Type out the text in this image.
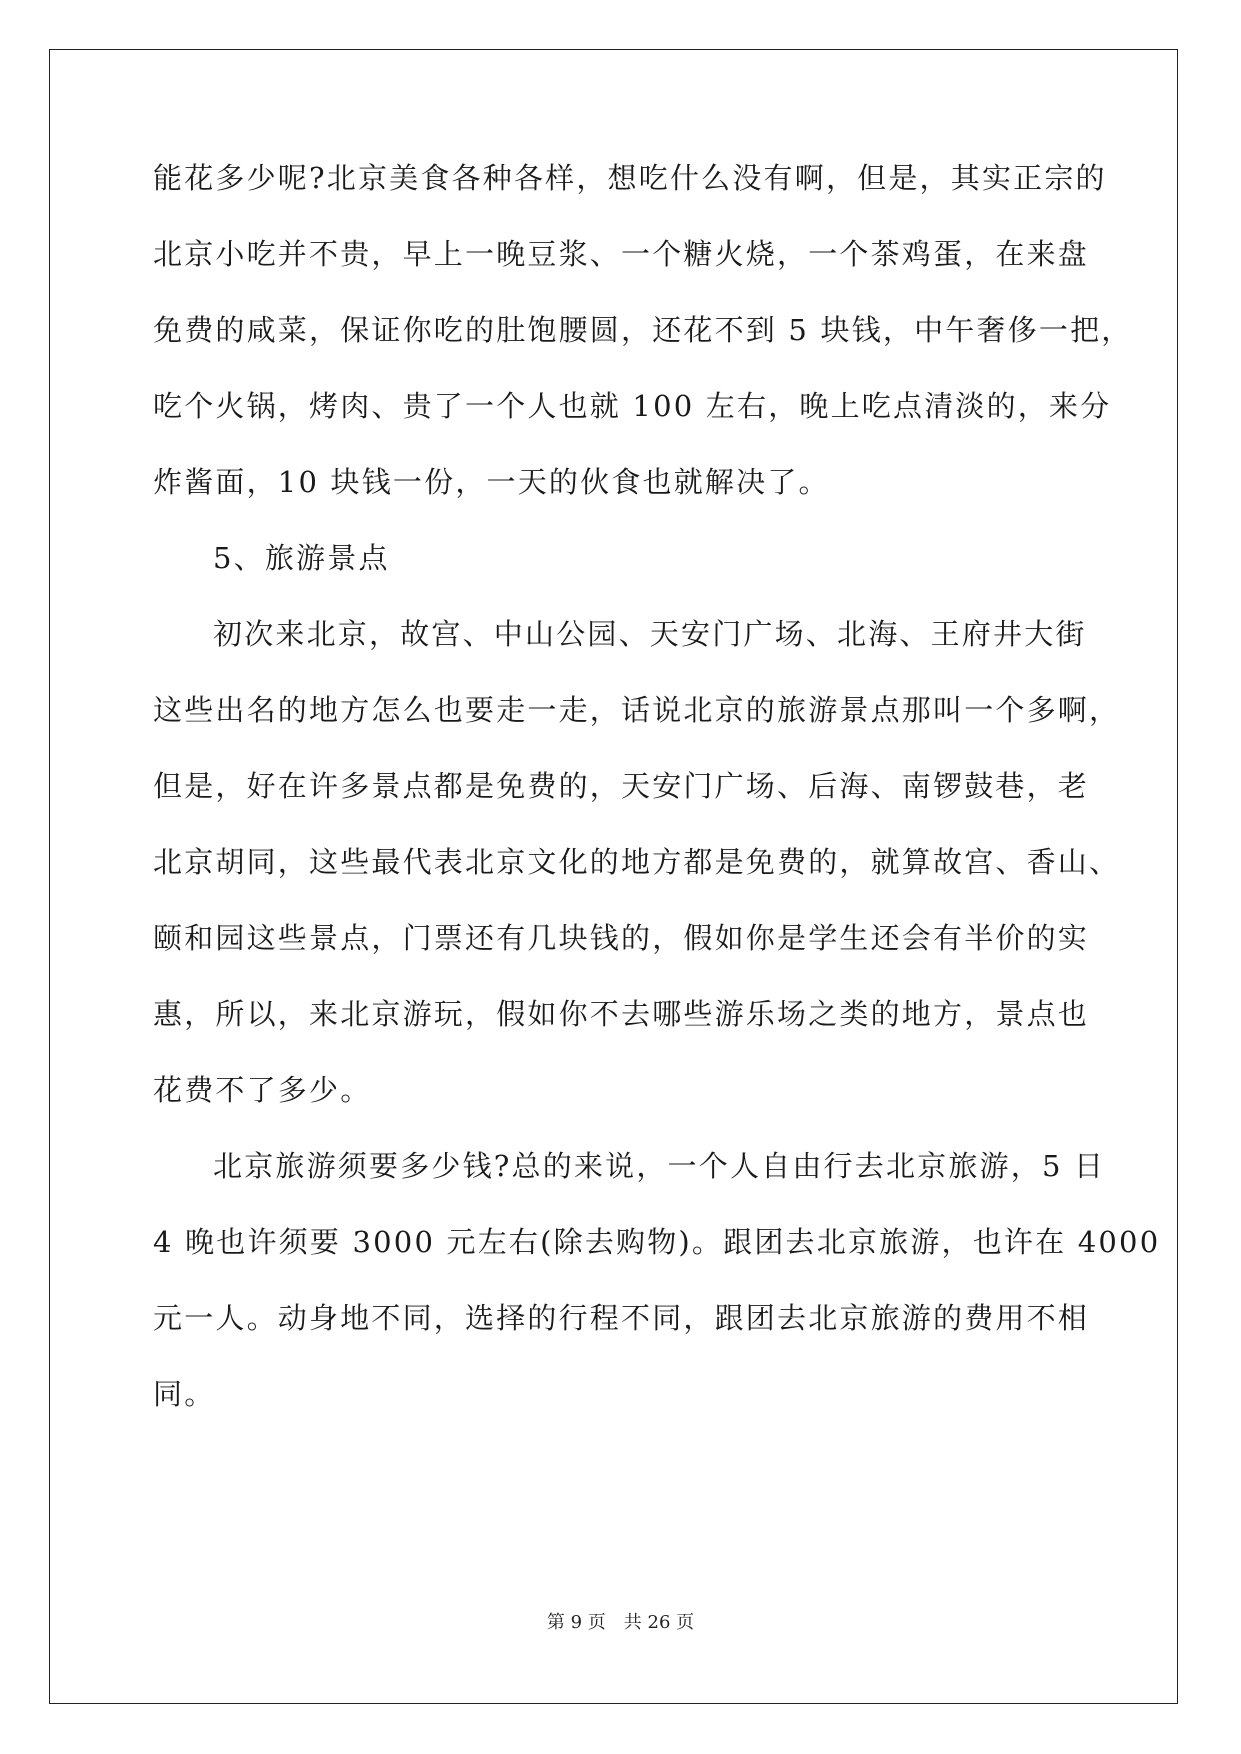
能花多少呢?北京美食各种各样，想吃什么没有啊，但是，其实正宗的
北京小吃并不贵，早上一晚豆浆、一个糖火烧，一个茶鸡蛋，在来盘
免费的咸菜，保证你吃的肚饱腰圆，还花不到 5 块钱，中午奢侈一把，
吃个火锅，烤肉、贵了一个人也就 100 左右，晚上吃点清淡的，来分
炸酱面，10 块钱一份，一天的伙食也就解决了。
5、旅游景点
初次来北京，故宫、中山公园、天安门广场、北海、王府井大街
这些出名的地方怎么也要走一走，话说北京的旅游景点那叫一个多啊，
但是，好在许多景点都是免费的，天安门广场、后海、南锣鼓巷，老
北京胡同，这些最代表北京文化的地方都是免费的，就算故宫、香山、
颐和园这些景点，门票还有几块钱的，假如你是学生还会有半价的实
惠，所以，来北京游玩，假如你不去哪些游乐场之类的地方，景点也
花费不了多少。
北京旅游须要多少钱?总的来说，一个人自由行去北京旅游，5 日
4 晚也许须要 3000 元左右(除去购物)。跟团去北京旅游，也许在 4000
元一人。动身地不同，选择的行程不同，跟团去北京旅游的费用不相
同。
第 9 页 共 26 页
